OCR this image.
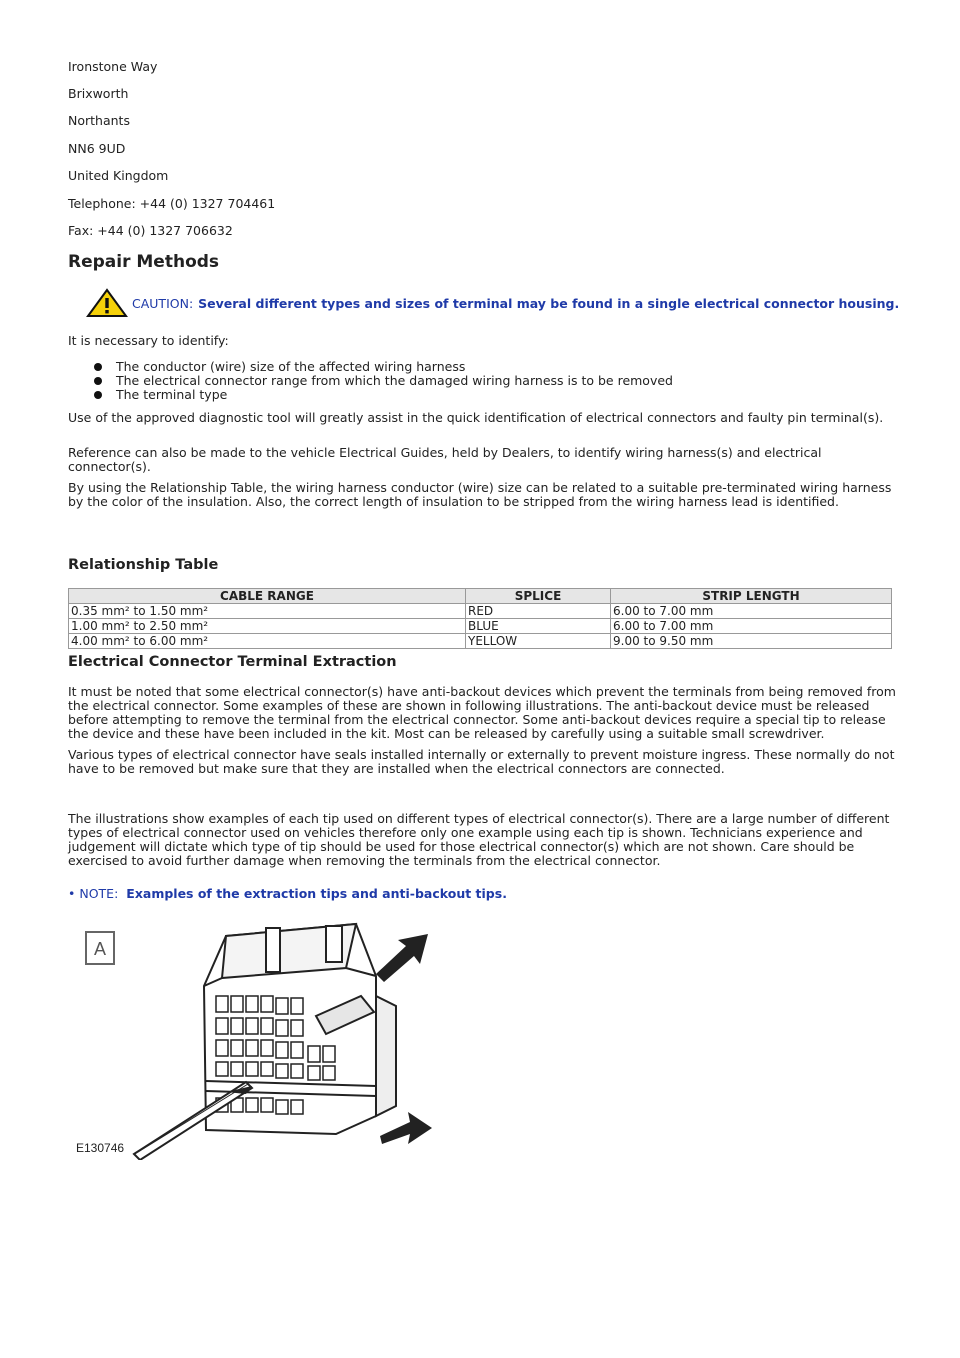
Ironstone Way

Brixworth

Northants

NN6 9UD

United Kingdom

Telephone: +44 (0) 1327 704461

Fax: +44 (0) 1327 706632

Repair Methods
CAUTION: Several different types and sizes of terminal may be found in a single electrical connector housing.

It is necessary to identify:

The conductor (wire) size of the affected wiring harness
The electrical connector range from which the damaged wiring harness is to be removed
The terminal type

Use of the approved diagnostic tool will greatly assist in the quick identification of electrical connectors and faulty pin terminal(s).

Reference can also be made to the vehicle Electrical Guides, held by Dealers, to identify wiring harness(s) and electrical connector(s).

By using the Relationship Table, the wiring harness conductor (wire) size can be related to a suitable pre-terminated wiring harness by the color of the insulation. Also, the correct length of insulation to be stripped from the wiring harness lead is identified.

Relationship Table
CABLE RANGE	SPLICE	STRIP LENGTH
0.35 mm² to 1.50 mm²	RED	6.00 to 7.00 mm
1.00 mm² to 2.50 mm²	BLUE	6.00 to 7.00 mm
4.00 mm² to 6.00 mm²	YELLOW	9.00 to 9.50 mm
Electrical Connector Terminal Extraction

It must be noted that some electrical connector(s) have anti-backout devices which prevent the terminals from being removed from the electrical connector. Some examples of these are shown in following illustrations. The anti-backout device must be released before attempting to remove the terminal from the electrical connector. Some anti-backout devices require a special tip to release the device and these have been included in the kit. Most can be released by carefully using a suitable small screwdriver.

Various types of electrical connector have seals installed internally or externally to prevent moisture ingress. These normally do not have to be removed but make sure that they are installed when the electrical connectors are connected.

The illustrations show examples of each tip used on different types of electrical connector(s). There are a large number of different types of electrical connector used on vehicles therefore only one example using each tip is shown. Technicians experience and judgement will dictate which type of tip should be used for those electrical connector(s) which are not shown. Care should be exercised to avoid further damage when removing the terminals from the electrical connector.

• NOTE: Examples of the extraction tips and anti-backout tips.
A
E130746
